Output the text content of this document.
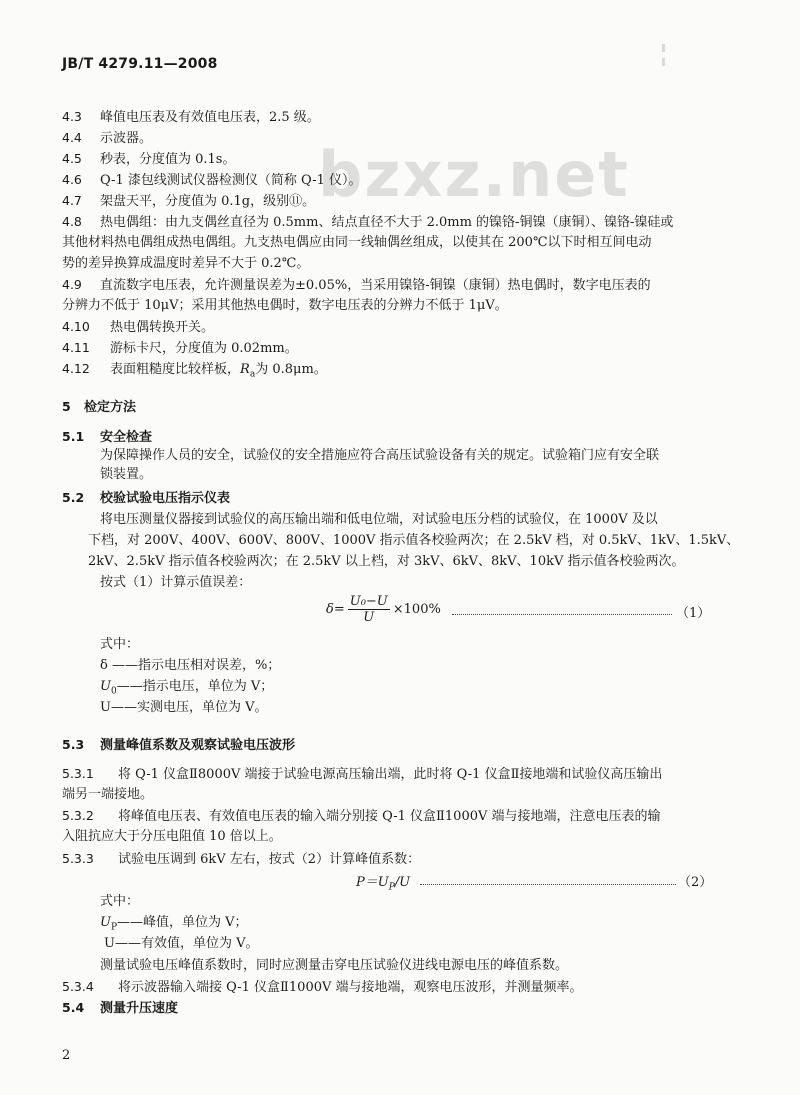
bzxz.net
JB/T 4279.11—2008
4.3 峰值电压表及有效值电压表，2.5 级。
4.4 示波器。
4.5 秒表，分度值为 0.1s。
4.6 Q-1 漆包线测试仪器检测仪（简称 Q-1 仪）。
4.7 架盘天平，分度值为 0.1g，级别⑪。
4.8 热电偶组：由九支偶丝直径为 0.5mm、结点直径不大于 2.0mm 的镍铬-铜镍（康铜）、镍铬-镍硅或
其他材料热电偶组成热电偶组。九支热电偶应由同一线轴偶丝组成，以使其在 200℃以下时相互间电动
势的差异换算成温度时差异不大于 0.2℃。
4.9 直流数字电压表，允许测量误差为±0.05%，当采用镍铬-铜镍（康铜）热电偶时，数字电压表的
分辨力不低于 10μV；采用其他热电偶时，数字电压表的分辨力不低于 1μV。
4.10 热电偶转换开关。
4.11 游标卡尺，分度值为 0.02mm。
4.12 表面粗糙度比较样板，$R_a$为 0.8μm。
5 检定方法
5.1 安全检查
为保障操作人员的安全，试验仪的安全措施应符合高压试验设备有关的规定。试验箱门应有安全联
锁装置。
5.2 校验试验电压指示仪表
将电压测量仪器接到试验仪的高压输出端和低电位端，对试验电压分档的试验仪，在 1000V 及以
下档，对 200V、400V、600V、800V、1000V 指示值各校验两次；在 2.5kV 档，对 0.5kV、1kV、1.5kV、
2kV、2.5kV 指示值各校验两次；在 2.5kV 以上档，对 3kV、6kV、8kV、10kV 指示值各校验两次。
按式（1）计算示值误差：
$\delta= \frac{\text{U₀−U}}{U} \times 100\%$	（1）
式中：
δ ——指示电压相对误差，%；
$U_0——$指示电压，单位为 V；
U——实测电压，单位为 V。
5.3 测量峰值系数及观察试验电压波形
5.3.1 将 Q-1 仪盒Ⅱ8000V 端接于试验电源高压输出端，此时将 Q-1 仪盒Ⅱ接地端和试验仪高压输出
端另一端接地。
5.3.2 将峰值电压表、有效值电压表的输入端分别接 Q-1 仪盒Ⅱ1000V 端与接地端，注意电压表的输
入阻抗应大于分压电阻值 10 倍以上。
5.3.3 试验电压调到 6kV 左右，按式（2）计算峰值系数：
$P=U_P/U$	（2）
式中：
$U_P——$峰值，单位为 V；
U——有效值，单位为 V。
测量试验电压峰值系数时，同时应测量击穿电压试验仪进线电源电压的峰值系数。
5.3.4 将示波器输入端接 Q-1 仪盒Ⅱ1000V 端与接地端，观察电压波形，并测量频率。
5.4 测量升压速度
2
